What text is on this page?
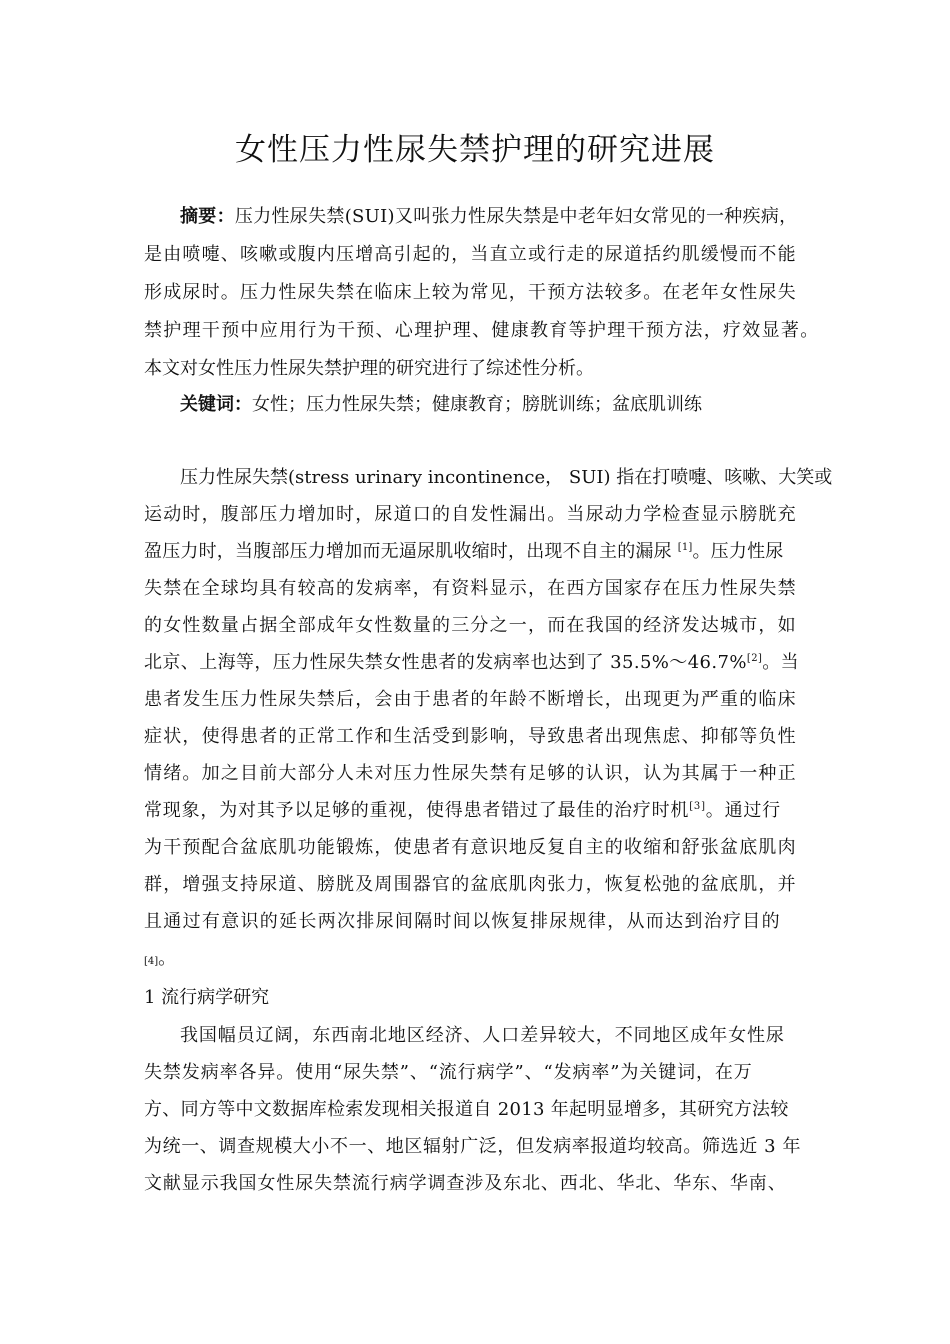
女性压力性尿失禁护理的研究进展
摘要：压力性尿失禁(SUI)又叫张力性尿失禁是中老年妇女常见的一种疾病，
是由喷嚏、咳嗽或腹内压增高引起的，当直立或行走的尿道括约肌缓慢而不能
形成尿时。压力性尿失禁在临床上较为常见，干预方法较多。在老年女性尿失
禁护理干预中应用行为干预、心理护理、健康教育等护理干预方法，疗效显著。
本文对女性压力性尿失禁护理的研究进行了综述性分析。
关键词：女性；压力性尿失禁；健康教育；膀胱训练；盆底肌训练
压力性尿失禁(stress urinary incontinence， SUI) 指在打喷嚏、咳嗽、大笑或
运动时，腹部压力增加时，尿道口的自发性漏出。当尿动力学检查显示膀胱充
盈压力时，当腹部压力增加而无逼尿肌收缩时，出现不自主的漏尿 [1]。压力性尿
失禁在全球均具有较高的发病率，有资料显示，在西方国家存在压力性尿失禁
的女性数量占据全部成年女性数量的三分之一，而在我国的经济发达城市，如
北京、上海等，压力性尿失禁女性患者的发病率也达到了 35.5%～46.7%[2]。当
患者发生压力性尿失禁后，会由于患者的年龄不断增长，出现更为严重的临床
症状，使得患者的正常工作和生活受到影响，导致患者出现焦虑、抑郁等负性
情绪。加之目前大部分人未对压力性尿失禁有足够的认识，认为其属于一种正
常现象，为对其予以足够的重视，使得患者错过了最佳的治疗时机[3]。通过行
为干预配合盆底肌功能锻炼，使患者有意识地反复自主的收缩和舒张盆底肌肉
群，增强支持尿道、膀胱及周围器官的盆底肌肉张力，恢复松弛的盆底肌，并
且通过有意识的延长两次排尿间隔时间以恢复排尿规律，从而达到治疗目的
[4]。
1 流行病学研究
我国幅员辽阔，东西南北地区经济、人口差异较大，不同地区成年女性尿
失禁发病率各异。使用“尿失禁”、“流行病学”、“发病率”为关键词，在万
方、同方等中文数据库检索发现相关报道自 2013 年起明显增多，其研究方法较
为统一、调查规模大小不一、地区辐射广泛，但发病率报道均较高。筛选近 3 年
文献显示我国女性尿失禁流行病学调查涉及东北、西北、华北、华东、华南、
